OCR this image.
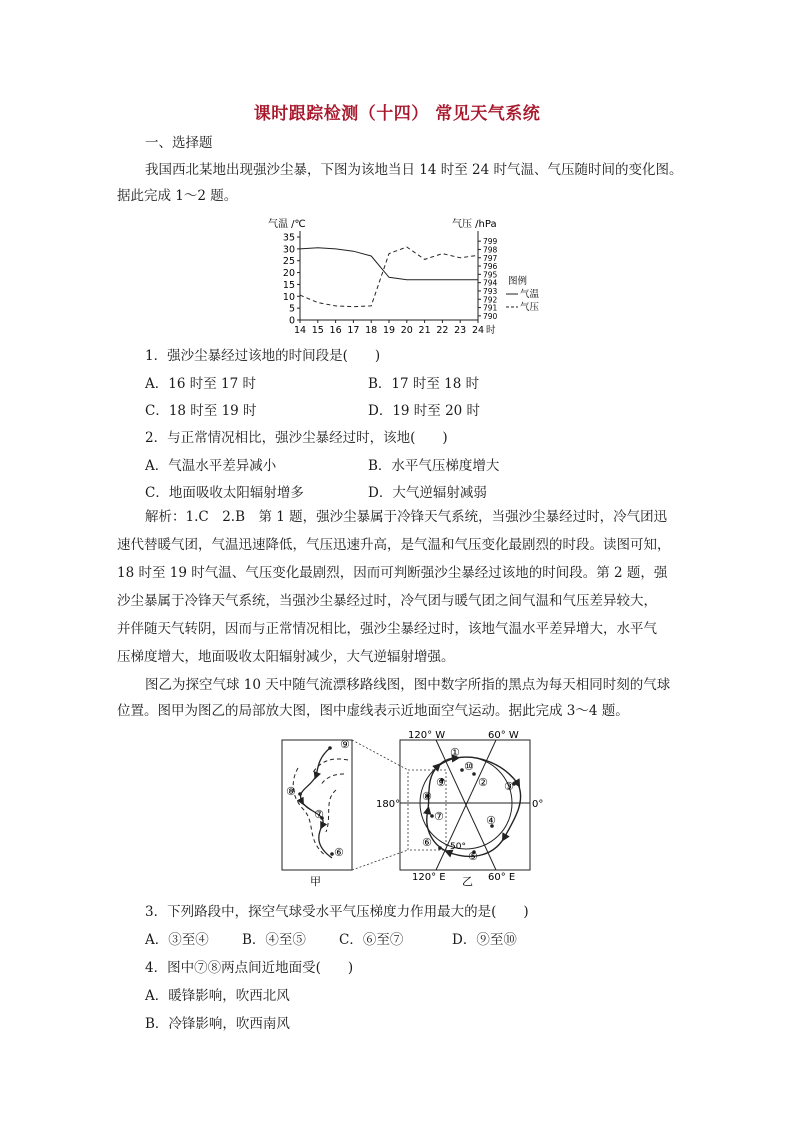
课时跟踪检测（十四） 常见天气系统
一、选择题
我国西北某地出现强沙尘暴，下图为该地当日 14 时至 24 时气温、气压随时间的变化图。
据此完成 1～2 题。
气温 /℃	气压 /hPa
0
5
10
15
20
25
30
35
790
791
792
793
794
795
796
797
798
799
14 15 16 17 18 19 20 21 22 23 24 时
图例
气温
气压
1．强沙尘暴经过该地的时间段是(　　)
A．16 时至 17 时	B．17 时至 18 时
C．18 时至 19 时	D．19 时至 20 时
2．与正常情况相比，强沙尘暴经过时，该地(　　)
A．气温水平差异减小	B．水平气压梯度增大
C．地面吸收太阳辐射增多	D．大气逆辐射减弱
解析：1.C　2.B　第 1 题，强沙尘暴属于冷锋天气系统，当强沙尘暴经过时，冷气团迅
速代替暖气团，气温迅速降低，气压迅速升高，是气温和气压变化最剧烈的时段。读图可知，
18 时至 19 时气温、气压变化最剧烈，因而可判断强沙尘暴经过该地的时间段。第 2 题，强
沙尘暴属于冷锋天气系统，当强沙尘暴经过时，冷气团与暖气团之间气温和气压差异较大，
并伴随天气转阴，因而与正常情况相比，强沙尘暴经过时，该地气温水平差异增大，水平气
压梯度增大，地面吸收太阳辐射减少，大气逆辐射增强。
图乙为探空气球 10 天中随气流漂移路线图，图中数字所指的黑点为每天相同时刻的气球
位置。图甲为图乙的局部放大图，图中虚线表示近地面空气运动。据此完成 3～4 题。
⑨
⑧
⑦
⑥
甲
120° W	60° W
180°	0°
120° E	60° E
50°
①
② ③
④
⑤
⑥
⑦
⑧
⑨
⑩
乙
3．下列路段中，探空气球受水平气压梯度力作用最大的是(　　)
A．③至④ B．④至⑤ C．⑥至⑦	D．⑨至⑩
4．图中⑦⑧两点间近地面受(　　)
A．暖锋影响，吹西北风
B．冷锋影响，吹西南风
